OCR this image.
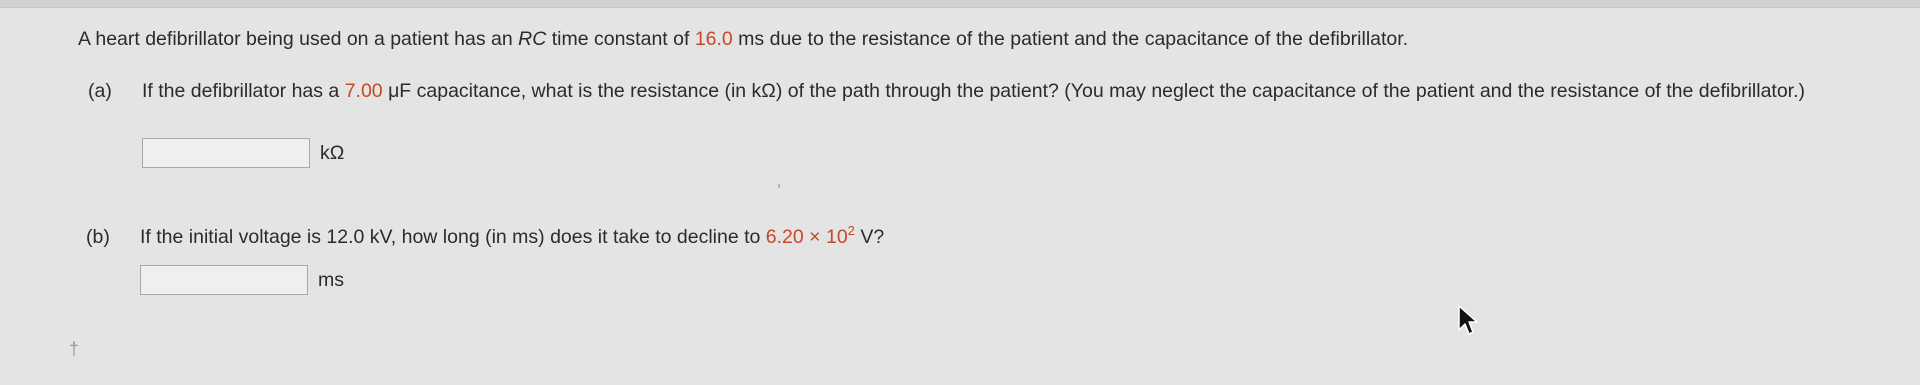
A heart defibrillator being used on a patient has an RC time constant of 16.0 ms due to the resistance of the patient and the capacitance of the defibrillator.
(a) If the defibrillator has a 7.00 μF capacitance, what is the resistance (in kΩ) of the path through the patient? (You may neglect the capacitance of the patient and the resistance of the defibrillator.)
kΩ
(b) If the initial voltage is 12.0 kV, how long (in ms) does it take to decline to $6.20 \times 10^2$ V?
ms
†
